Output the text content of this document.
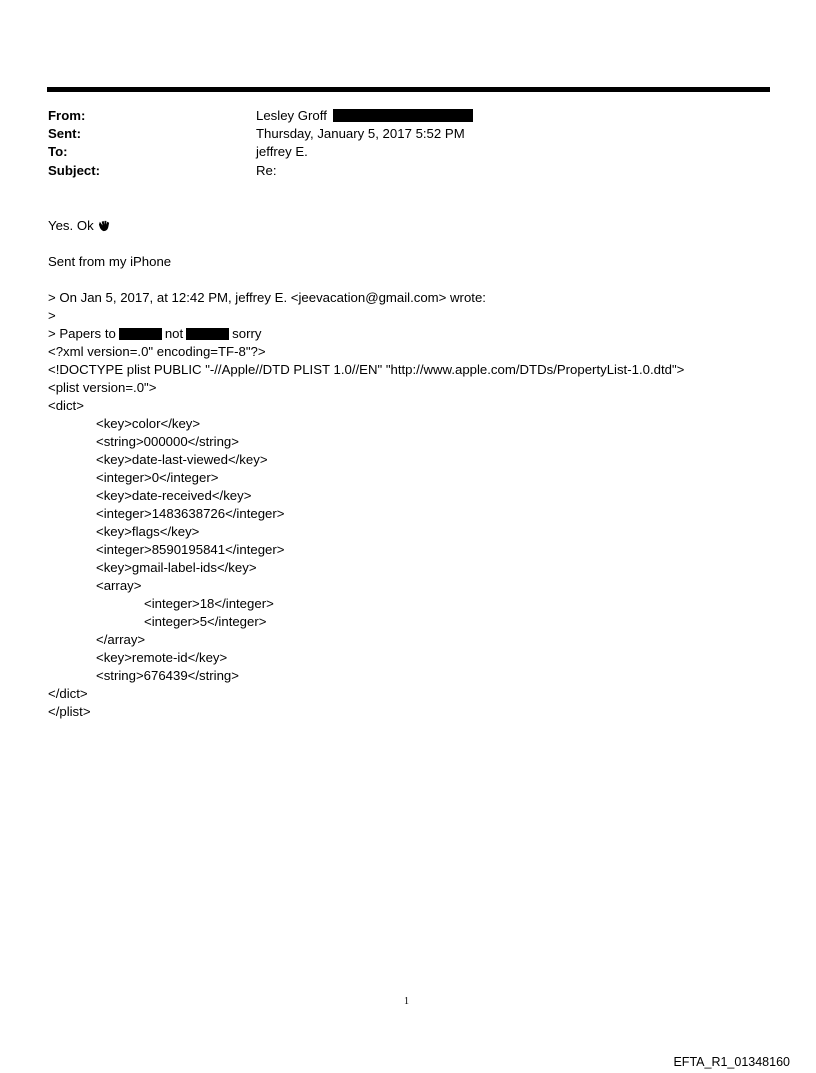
From:	Lesley Groff
Sent:	Thursday, January 5, 2017 5:52 PM
To:	jeffrey E.
Subject:	Re:
Yes. Ok
Sent from my iPhone
> On Jan 5, 2017, at 12:42 PM, jeffrey E. <jeevacation@gmail.com> wrote:
>
> Papers to	not	sorry
<?xml version=.0" encoding=TF-8"?>
<!DOCTYPE plist PUBLIC "-//Apple//DTD PLIST 1.0//EN" "http://www.apple.com/DTDs/PropertyList-1.0.dtd">
<plist version=.0">
<dict>
<key>color</key>
<string>000000</string>
<key>date-last-viewed</key>
<integer>0</integer>
<key>date-received</key>
<integer>1483638726</integer>
<key>flags</key>
<integer>8590195841</integer>
<key>gmail-label-ids</key>
<array>
<integer>18</integer>
<integer>5</integer>
</array>
<key>remote-id</key>
<string>676439</string>
</dict>
</plist>
1
EFTA_R1_01348160
